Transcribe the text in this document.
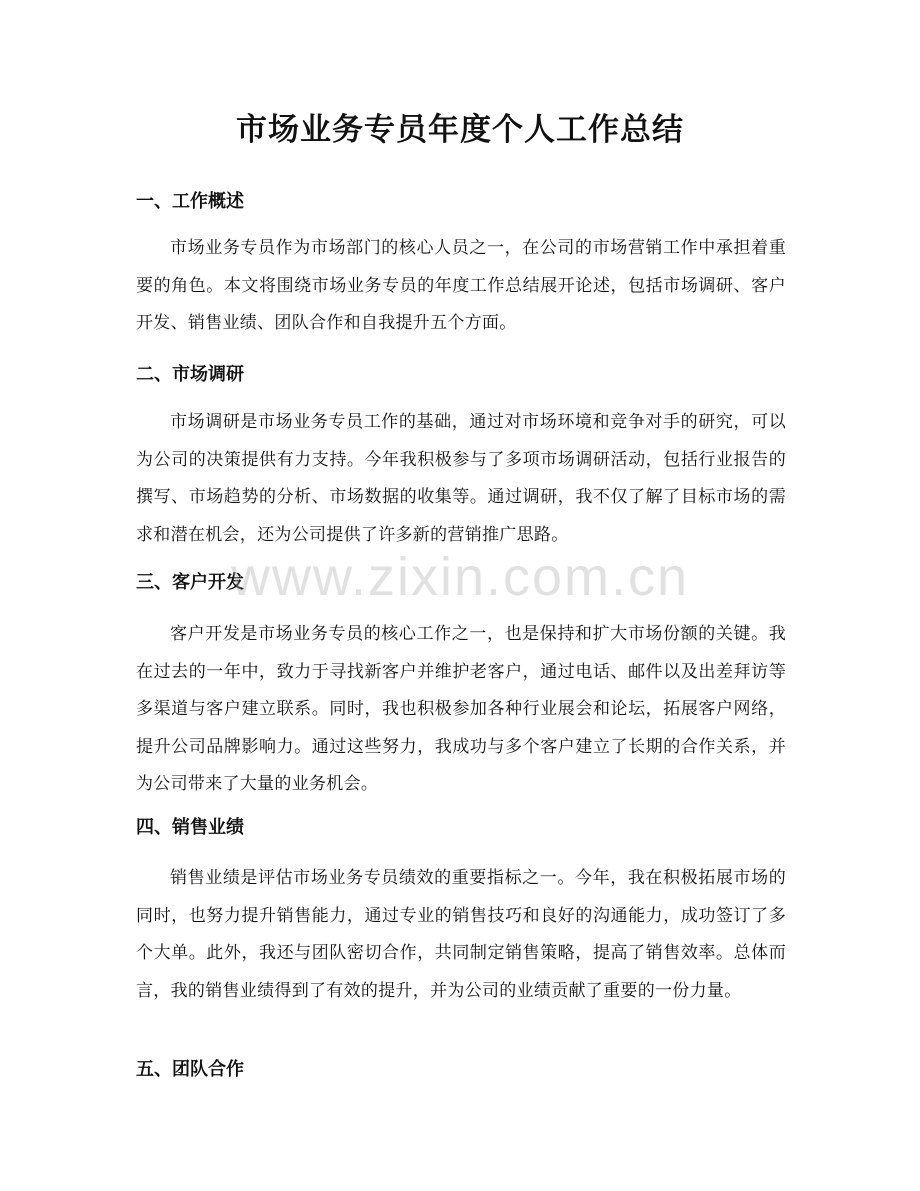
市场业务专员年度个人工作总结
一、工作概述
市场业务专员作为市场部门的核心人员之一，在公司的市场营销工作中承担着重要的角色。本文将围绕市场业务专员的年度工作总结展开论述，包括市场调研、客户开发、销售业绩、团队合作和自我提升五个方面。
二、市场调研
市场调研是市场业务专员工作的基础，通过对市场环境和竞争对手的研究，可以为公司的决策提供有力支持。今年我积极参与了多项市场调研活动，包括行业报告的撰写、市场趋势的分析、市场数据的收集等。通过调研，我不仅了解了目标市场的需求和潜在机会，还为公司提供了许多新的营销推广思路。
三、客户开发
客户开发是市场业务专员的核心工作之一，也是保持和扩大市场份额的关键。我在过去的一年中，致力于寻找新客户并维护老客户，通过电话、邮件以及出差拜访等多渠道与客户建立联系。同时，我也积极参加各种行业展会和论坛，拓展客户网络，提升公司品牌影响力。通过这些努力，我成功与多个客户建立了长期的合作关系，并为公司带来了大量的业务机会。
四、销售业绩
销售业绩是评估市场业务专员绩效的重要指标之一。今年，我在积极拓展市场的同时，也努力提升销售能力，通过专业的销售技巧和良好的沟通能力，成功签订了多个大单。此外，我还与团队密切合作，共同制定销售策略，提高了销售效率。总体而言，我的销售业绩得到了有效的提升，并为公司的业绩贡献了重要的一份力量。
五、团队合作
www.zixin.com.cn
